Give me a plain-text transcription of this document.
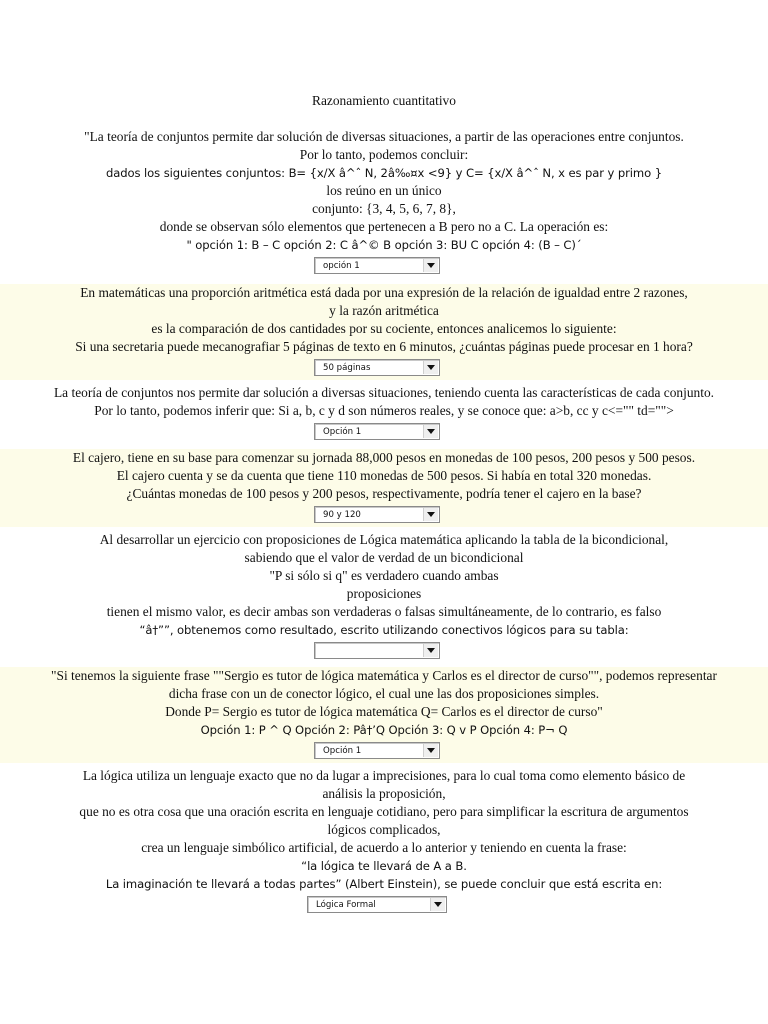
Razonamiento cuantitativo
"La teoría de conjuntos permite dar solución de diversas situaciones, a partir de las operaciones entre conjuntos.
Por lo tanto, podemos concluir:
dados los siguientes conjuntos: B= {x/X â^ˆ N, 2â‰¤x <9} y C= {x/X â^ˆ N, x es par y primo }
los reúno en un único
conjunto: {3, 4, 5, 6, 7, 8},
donde se observan sólo elementos que pertenecen a B pero no a C. La operación es:
" opción 1: B – C opción 2: C â^© B opción 3: BU C opción 4: (B – C)´
opción 1
En matemáticas una proporción aritmética está dada por una expresión de la relación de igualdad entre 2 razones,
y la razón aritmética
es la comparación de dos cantidades por su cociente, entonces analicemos lo siguiente:
Si una secretaria puede mecanografiar 5 páginas de texto en 6 minutos, ¿cuántas páginas puede procesar en 1 hora?
50 páginas
La teoría de conjuntos nos permite dar solución a diversas situaciones, teniendo cuenta las características de cada conjunto.
Por lo tanto, podemos inferir que: Si a, b, c y d son números reales, y se conoce que: a>b, cc y c<="" td="">
Opción 1
El cajero, tiene en su base para comenzar su jornada 88,000 pesos en monedas de 100 pesos, 200 pesos y 500 pesos.
El cajero cuenta y se da cuenta que tiene 110 monedas de 500 pesos. Si había en total 320 monedas.
¿Cuántas monedas de 100 pesos y 200 pesos, respectivamente, podría tener el cajero en la base?
90 y 120
Al desarrollar un ejercicio con proposiciones de Lógica matemática aplicando la tabla de la bicondicional,
sabiendo que el valor de verdad de un bicondicional
"P si sólo si q" es verdadero cuando ambas
proposiciones
tienen el mismo valor, es decir ambas son verdaderas o falsas simultáneamente, de lo contrario, es falso
“â†””, obtenemos como resultado, escrito utilizando conectivos lógicos para su tabla:
"Si tenemos la siguiente frase ""Sergio es tutor de lógica matemática y Carlos es el director de curso"", podemos representar
dicha frase con un de conector lógico, el cual une las dos proposiciones simples.
Donde P= Sergio es tutor de lógica matemática Q= Carlos es el director de curso"
Opción 1: P ^ Q Opción 2: Pâ†’Q Opción 3: Q v P Opción 4: P¬ Q
Opción 1
La lógica utiliza un lenguaje exacto que no da lugar a imprecisiones, para lo cual toma como elemento básico de
análisis la proposición,
que no es otra cosa que una oración escrita en lenguaje cotidiano, pero para simplificar la escritura de argumentos
lógicos complicados,
crea un lenguaje simbólico artificial, de acuerdo a lo anterior y teniendo en cuenta la frase:
“la lógica te llevará de A a B.
La imaginación te llevará a todas partes” (Albert Einstein), se puede concluir que está escrita en:
Lógica Formal
